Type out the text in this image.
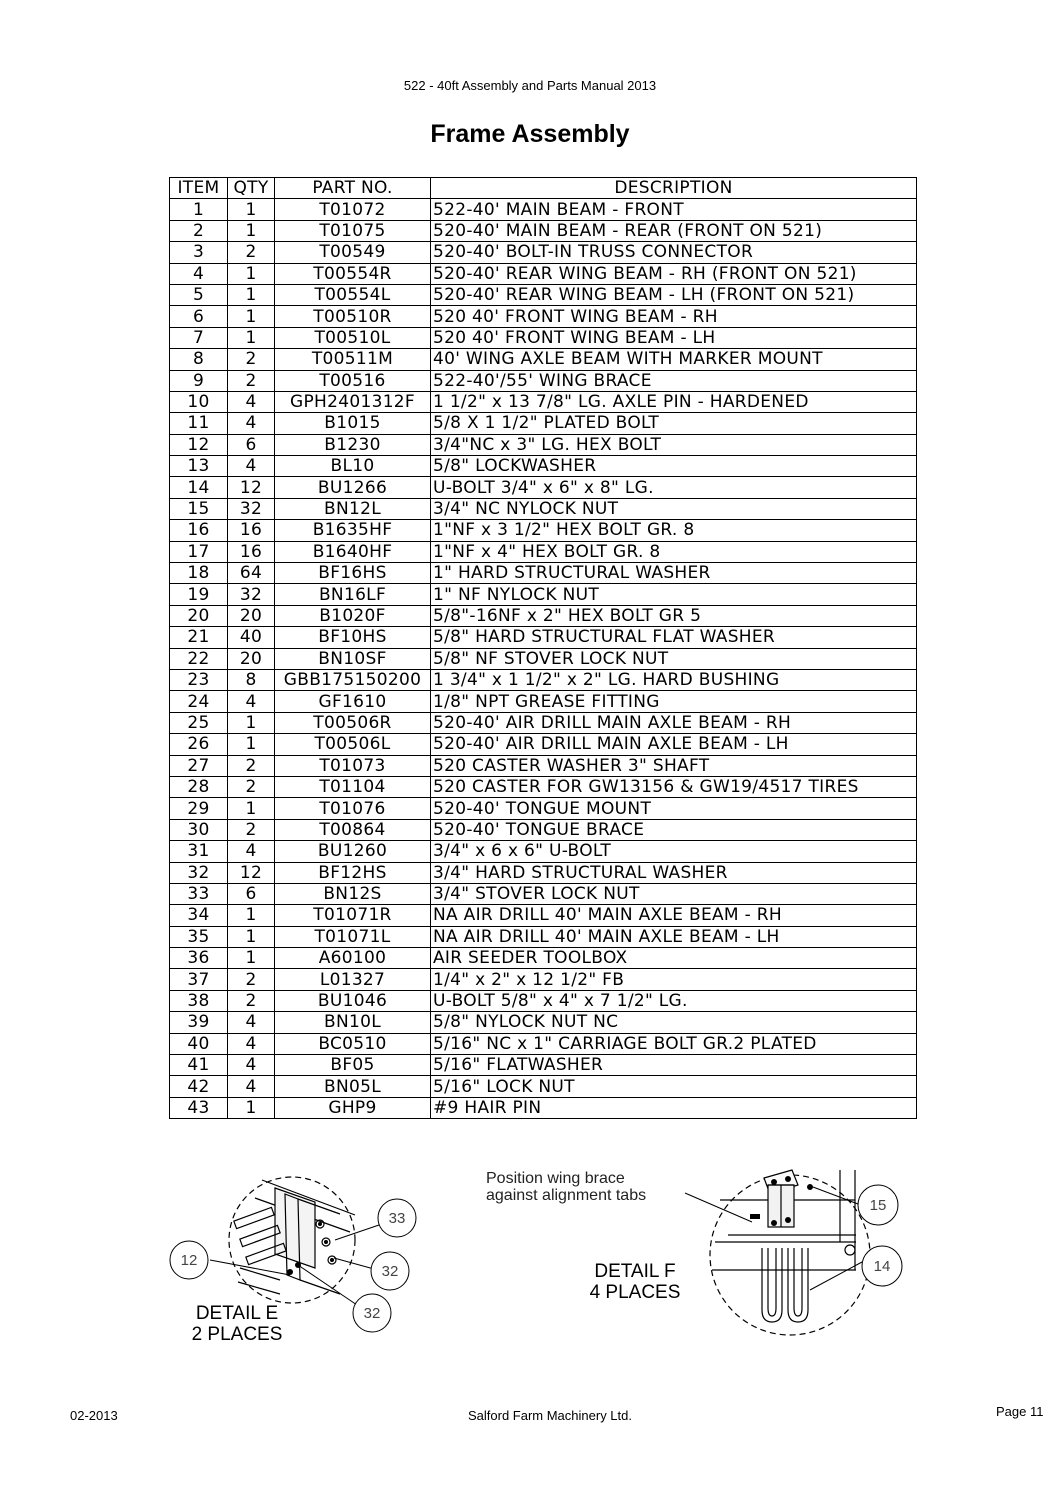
522 - 40ft Assembly and Parts Manual 2013
Frame Assembly
ITEM	QTY	PART NO.	DESCRIPTION
1	1	T01072	522-40' MAIN BEAM - FRONT
2	1	T01075	520-40' MAIN BEAM - REAR (FRONT ON 521)
3	2	T00549	520-40' BOLT-IN TRUSS CONNECTOR
4	1	T00554R	520-40' REAR WING BEAM - RH (FRONT ON 521)
5	1	T00554L	520-40' REAR WING BEAM - LH (FRONT ON 521)
6	1	T00510R	520 40' FRONT WING BEAM - RH
7	1	T00510L	520 40' FRONT WING BEAM - LH
8	2	T00511M	40' WING AXLE BEAM WITH MARKER MOUNT
9	2	T00516	522-40'/55' WING BRACE
10	4	GPH2401312F	1 1/2" x 13 7/8" LG. AXLE PIN - HARDENED
11	4	B1015	5/8 X 1 1/2" PLATED BOLT
12	6	B1230	3/4"NC x 3" LG. HEX BOLT
13	4	BL10	5/8" LOCKWASHER
14	12	BU1266	U-BOLT 3/4" x 6" x 8" LG.
15	32	BN12L	3/4" NC NYLOCK NUT
16	16	B1635HF	1"NF x 3 1/2" HEX BOLT GR. 8
17	16	B1640HF	1"NF x 4" HEX BOLT GR. 8
18	64	BF16HS	1" HARD STRUCTURAL WASHER
19	32	BN16LF	1" NF NYLOCK NUT
20	20	B1020F	5/8"-16NF x 2" HEX BOLT GR 5
21	40	BF10HS	5/8" HARD STRUCTURAL FLAT WASHER
22	20	BN10SF	5/8" NF STOVER LOCK NUT
23	8	GBB175150200	1 3/4" x 1 1/2" x 2" LG. HARD BUSHING
24	4	GF1610	1/8" NPT GREASE FITTING
25	1	T00506R	520-40' AIR DRILL MAIN AXLE BEAM - RH
26	1	T00506L	520-40' AIR DRILL MAIN AXLE BEAM - LH
27	2	T01073	520 CASTER WASHER 3" SHAFT
28	2	T01104	520 CASTER FOR GW13156 & GW19/4517 TIRES
29	1	T01076	520-40' TONGUE MOUNT
30	2	T00864	520-40' TONGUE BRACE
31	4	BU1260	3/4" x 6 x 6" U-BOLT
32	12	BF12HS	3/4" HARD STRUCTURAL WASHER
33	6	BN12S	3/4" STOVER LOCK NUT
34	1	T01071R	NA AIR DRILL 40' MAIN AXLE BEAM - RH
35	1	T01071L	NA AIR DRILL 40' MAIN AXLE BEAM - LH
36	1	A60100	AIR SEEDER TOOLBOX
37	2	L01327	1/4" x 2" x 12 1/2" FB
38	2	BU1046	U-BOLT 5/8" x 4" x 7 1/2" LG.
39	4	BN10L	5/8" NYLOCK NUT NC
40	4	BC0510	5/16" NC x 1" CARRIAGE BOLT GR.2 PLATED
41	4	BF05	5/16" FLATWASHER
42	4	BN05L	5/16" LOCK NUT
43	1	GHP9	#9 HAIR PIN
12
33
32
32
DETAIL E
2 PLACES
Position wing brace
against alignment tabs
15
14
DETAIL F
4 PLACES
02-2013	Salford Farm Machinery Ltd.	Page 11
